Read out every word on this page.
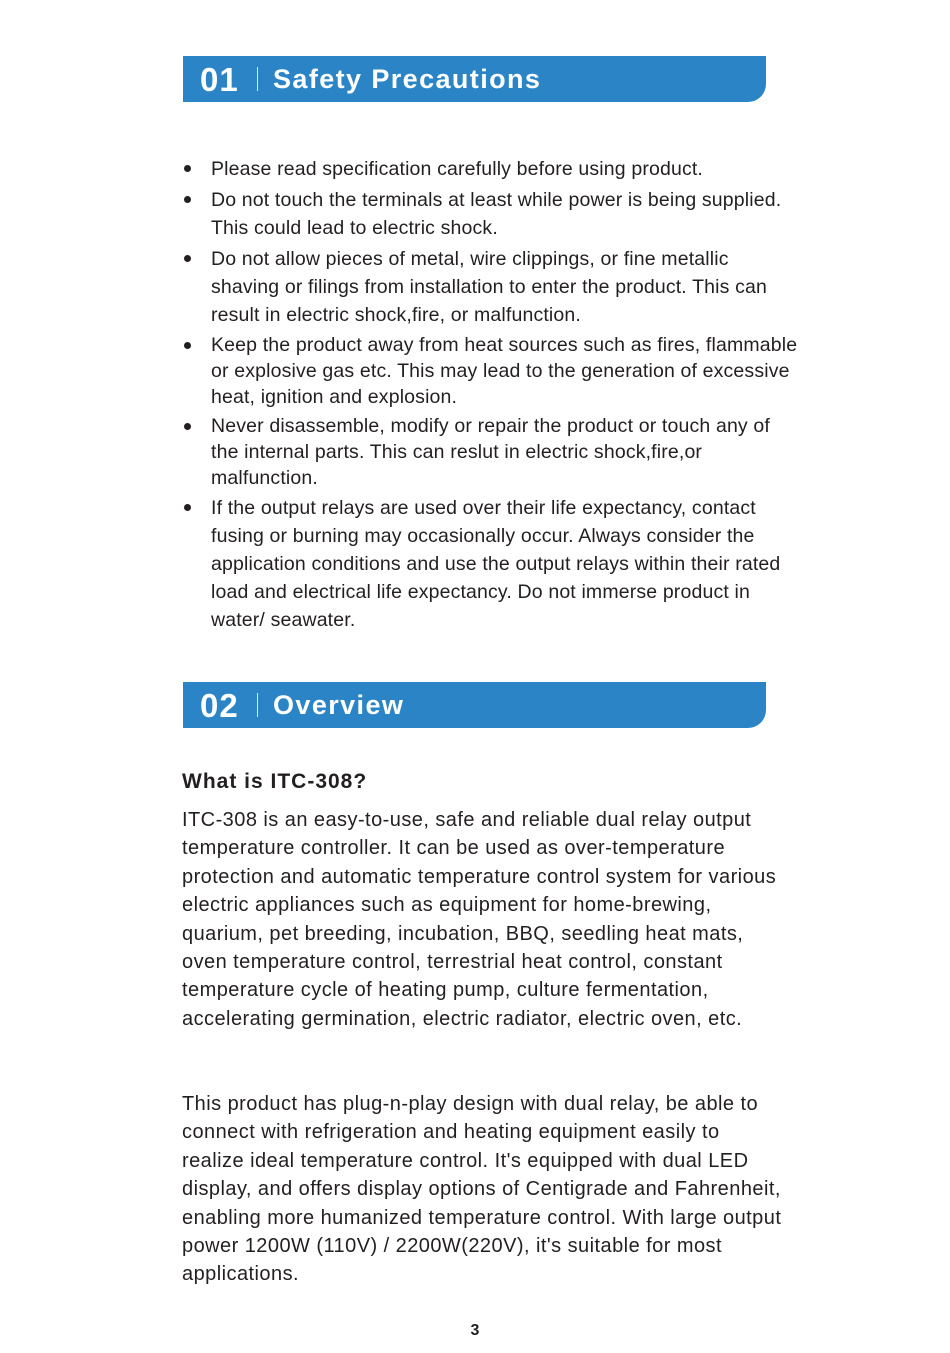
01 Safety Precautions
Please read specification carefully before using product.
Do not touch the terminals at least while power is being supplied. This could lead to electric shock.
Do not allow pieces of metal, wire clippings, or fine metallic shaving or filings from installation to enter the product. This can result in electric shock,fire, or malfunction.
Keep the product away from heat sources such as fires, flammable or explosive gas etc. This may lead to the generation of excessive heat, ignition and explosion.
Never disassemble, modify or repair the product or touch any of the internal parts. This can reslut in electric shock,fire,or malfunction.
If the output relays are used over their life expectancy, contact fusing or burning may occasionally occur. Always consider the application conditions and use the output relays within their rated load and electrical life expectancy. Do not immerse product in water/ seawater.
02 Overview
What is ITC-308?
ITC-308 is an easy-to-use, safe and reliable dual relay output temperature controller. It can be used as over-temperature protection and automatic temperature control system for various electric appliances such as equipment for home-brewing, quarium, pet breeding, incubation, BBQ, seedling heat mats, oven temperature control, terrestrial heat control, constant temperature cycle of heating pump, culture fermentation, accelerating germination, electric radiator, electric oven, etc.
This product has plug-n-play design with dual relay, be able to connect with refrigeration and heating equipment easily to realize ideal temperature control. It's equipped with dual LED display, and offers display options of Centigrade and Fahrenheit, enabling more humanized temperature control. With large output power 1200W (110V) / 2200W(220V), it's suitable for most applications.
3
